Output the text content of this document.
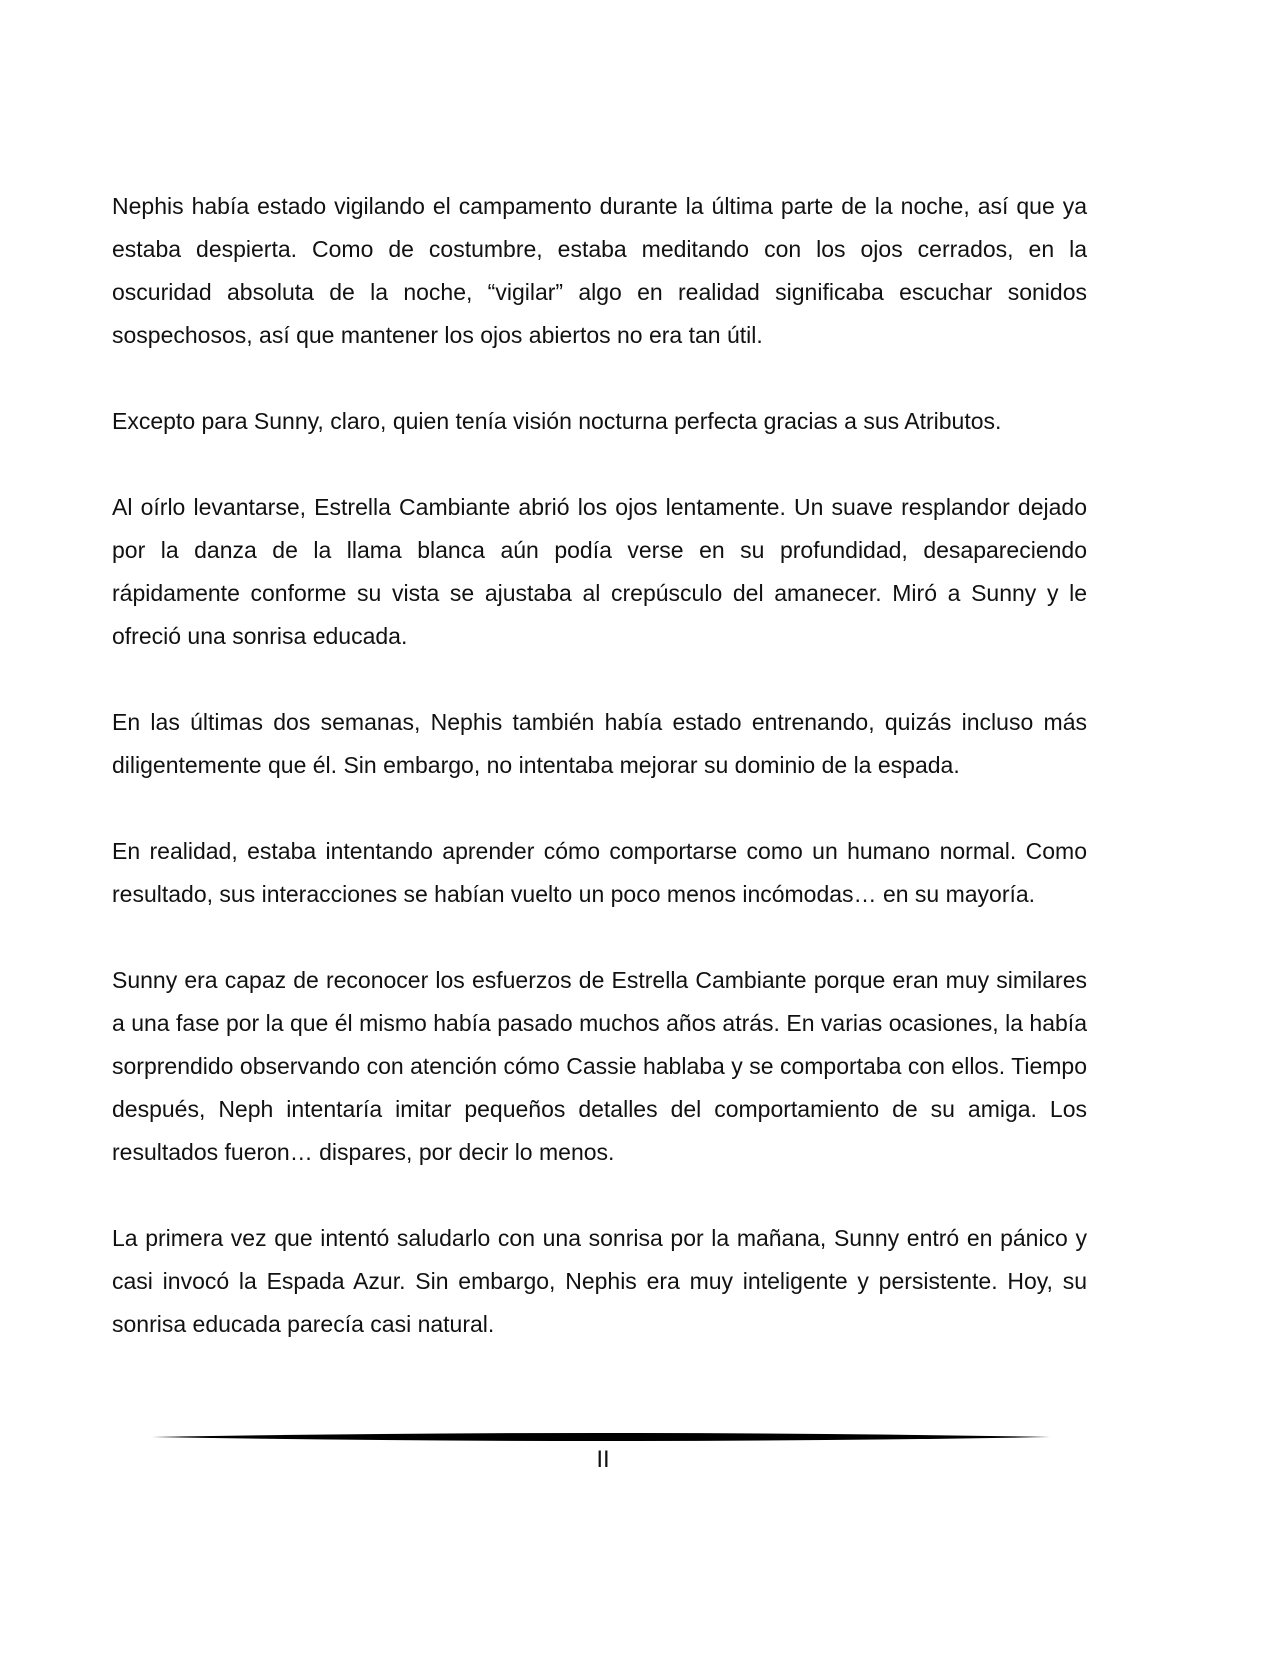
Nephis había estado vigilando el campamento durante la última parte de la noche, así que ya estaba despierta. Como de costumbre, estaba meditando con los ojos cerrados, en la oscuridad absoluta de la noche, “vigilar” algo en realidad significaba escuchar sonidos sospechosos, así que mantener los ojos abiertos no era tan útil.

Excepto para Sunny, claro, quien tenía visión nocturna perfecta gracias a sus Atributos.

Al oírlo levantarse, Estrella Cambiante abrió los ojos lentamente. Un suave resplandor dejado por la danza de la llama blanca aún podía verse en su profundidad, desapareciendo rápidamente conforme su vista se ajustaba al crepúsculo del amanecer. Miró a Sunny y le ofreció una sonrisa educada.

En las últimas dos semanas, Nephis también había estado entrenando, quizás incluso más diligentemente que él. Sin embargo, no intentaba mejorar su dominio de la espada.

En realidad, estaba intentando aprender cómo comportarse como un humano normal. Como resultado, sus interacciones se habían vuelto un poco menos incómodas… en su mayoría.

Sunny era capaz de reconocer los esfuerzos de Estrella Cambiante porque eran muy similares a una fase por la que él mismo había pasado muchos años atrás. En varias ocasiones, la había sorprendido observando con atención cómo Cassie hablaba y se comportaba con ellos. Tiempo después, Neph intentaría imitar pequeños detalles del comportamiento de su amiga. Los resultados fueron… dispares, por decir lo menos.

La primera vez que intentó saludarlo con una sonrisa por la mañana, Sunny entró en pánico y casi invocó la Espada Azur. Sin embargo, Nephis era muy inteligente y persistente. Hoy, su sonrisa educada parecía casi natural.

II
